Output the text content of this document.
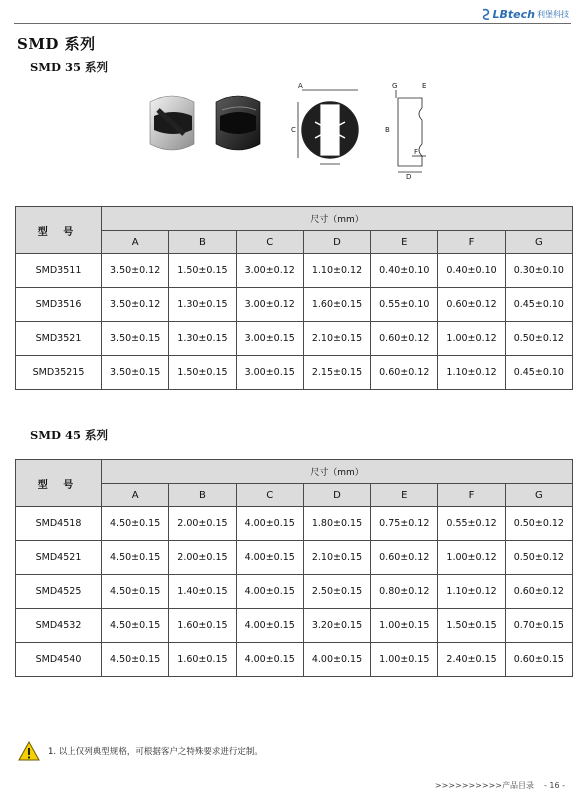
LBtech 利堡科技
SMD 系列
SMD 35 系列
A
C
G	E
D
F
B
型 号	尺寸（mm）						
	A	B	C	D	E	F	G
SMD3511	3.50±0.12	1.50±0.15	3.00±0.12	1.10±0.12	0.40±0.10	0.40±0.10	0.30±0.10
SMD3516	3.50±0.12	1.30±0.15	3.00±0.12	1.60±0.15	0.55±0.10	0.60±0.12	0.45±0.10
SMD3521	3.50±0.15	1.30±0.15	3.00±0.15	2.10±0.15	0.60±0.12	1.00±0.12	0.50±0.12
SMD35215	3.50±0.15	1.50±0.15	3.00±0.15	2.15±0.15	0.60±0.12	1.10±0.12	0.45±0.10
SMD 45 系列
型 号	尺寸（mm）						
	A	B	C	D	E	F	G
SMD4518	4.50±0.15	2.00±0.15	4.00±0.15	1.80±0.15	0.75±0.12	0.55±0.12	0.50±0.12
SMD4521	4.50±0.15	2.00±0.15	4.00±0.15	2.10±0.15	0.60±0.12	1.00±0.12	0.50±0.12
SMD4525	4.50±0.15	1.40±0.15	4.00±0.15	2.50±0.15	0.80±0.12	1.10±0.12	0.60±0.12
SMD4532	4.50±0.15	1.60±0.15	4.00±0.15	3.20±0.15	1.00±0.15	1.50±0.15	0.70±0.15
SMD4540	4.50±0.15	1.60±0.15	4.00±0.15	4.00±0.15	1.00±0.15	2.40±0.15	0.60±0.15
1. 以上仅列典型规格，可根据客户之特殊要求进行定制。
>>>>>>>>>>产品目录 - 16 -
